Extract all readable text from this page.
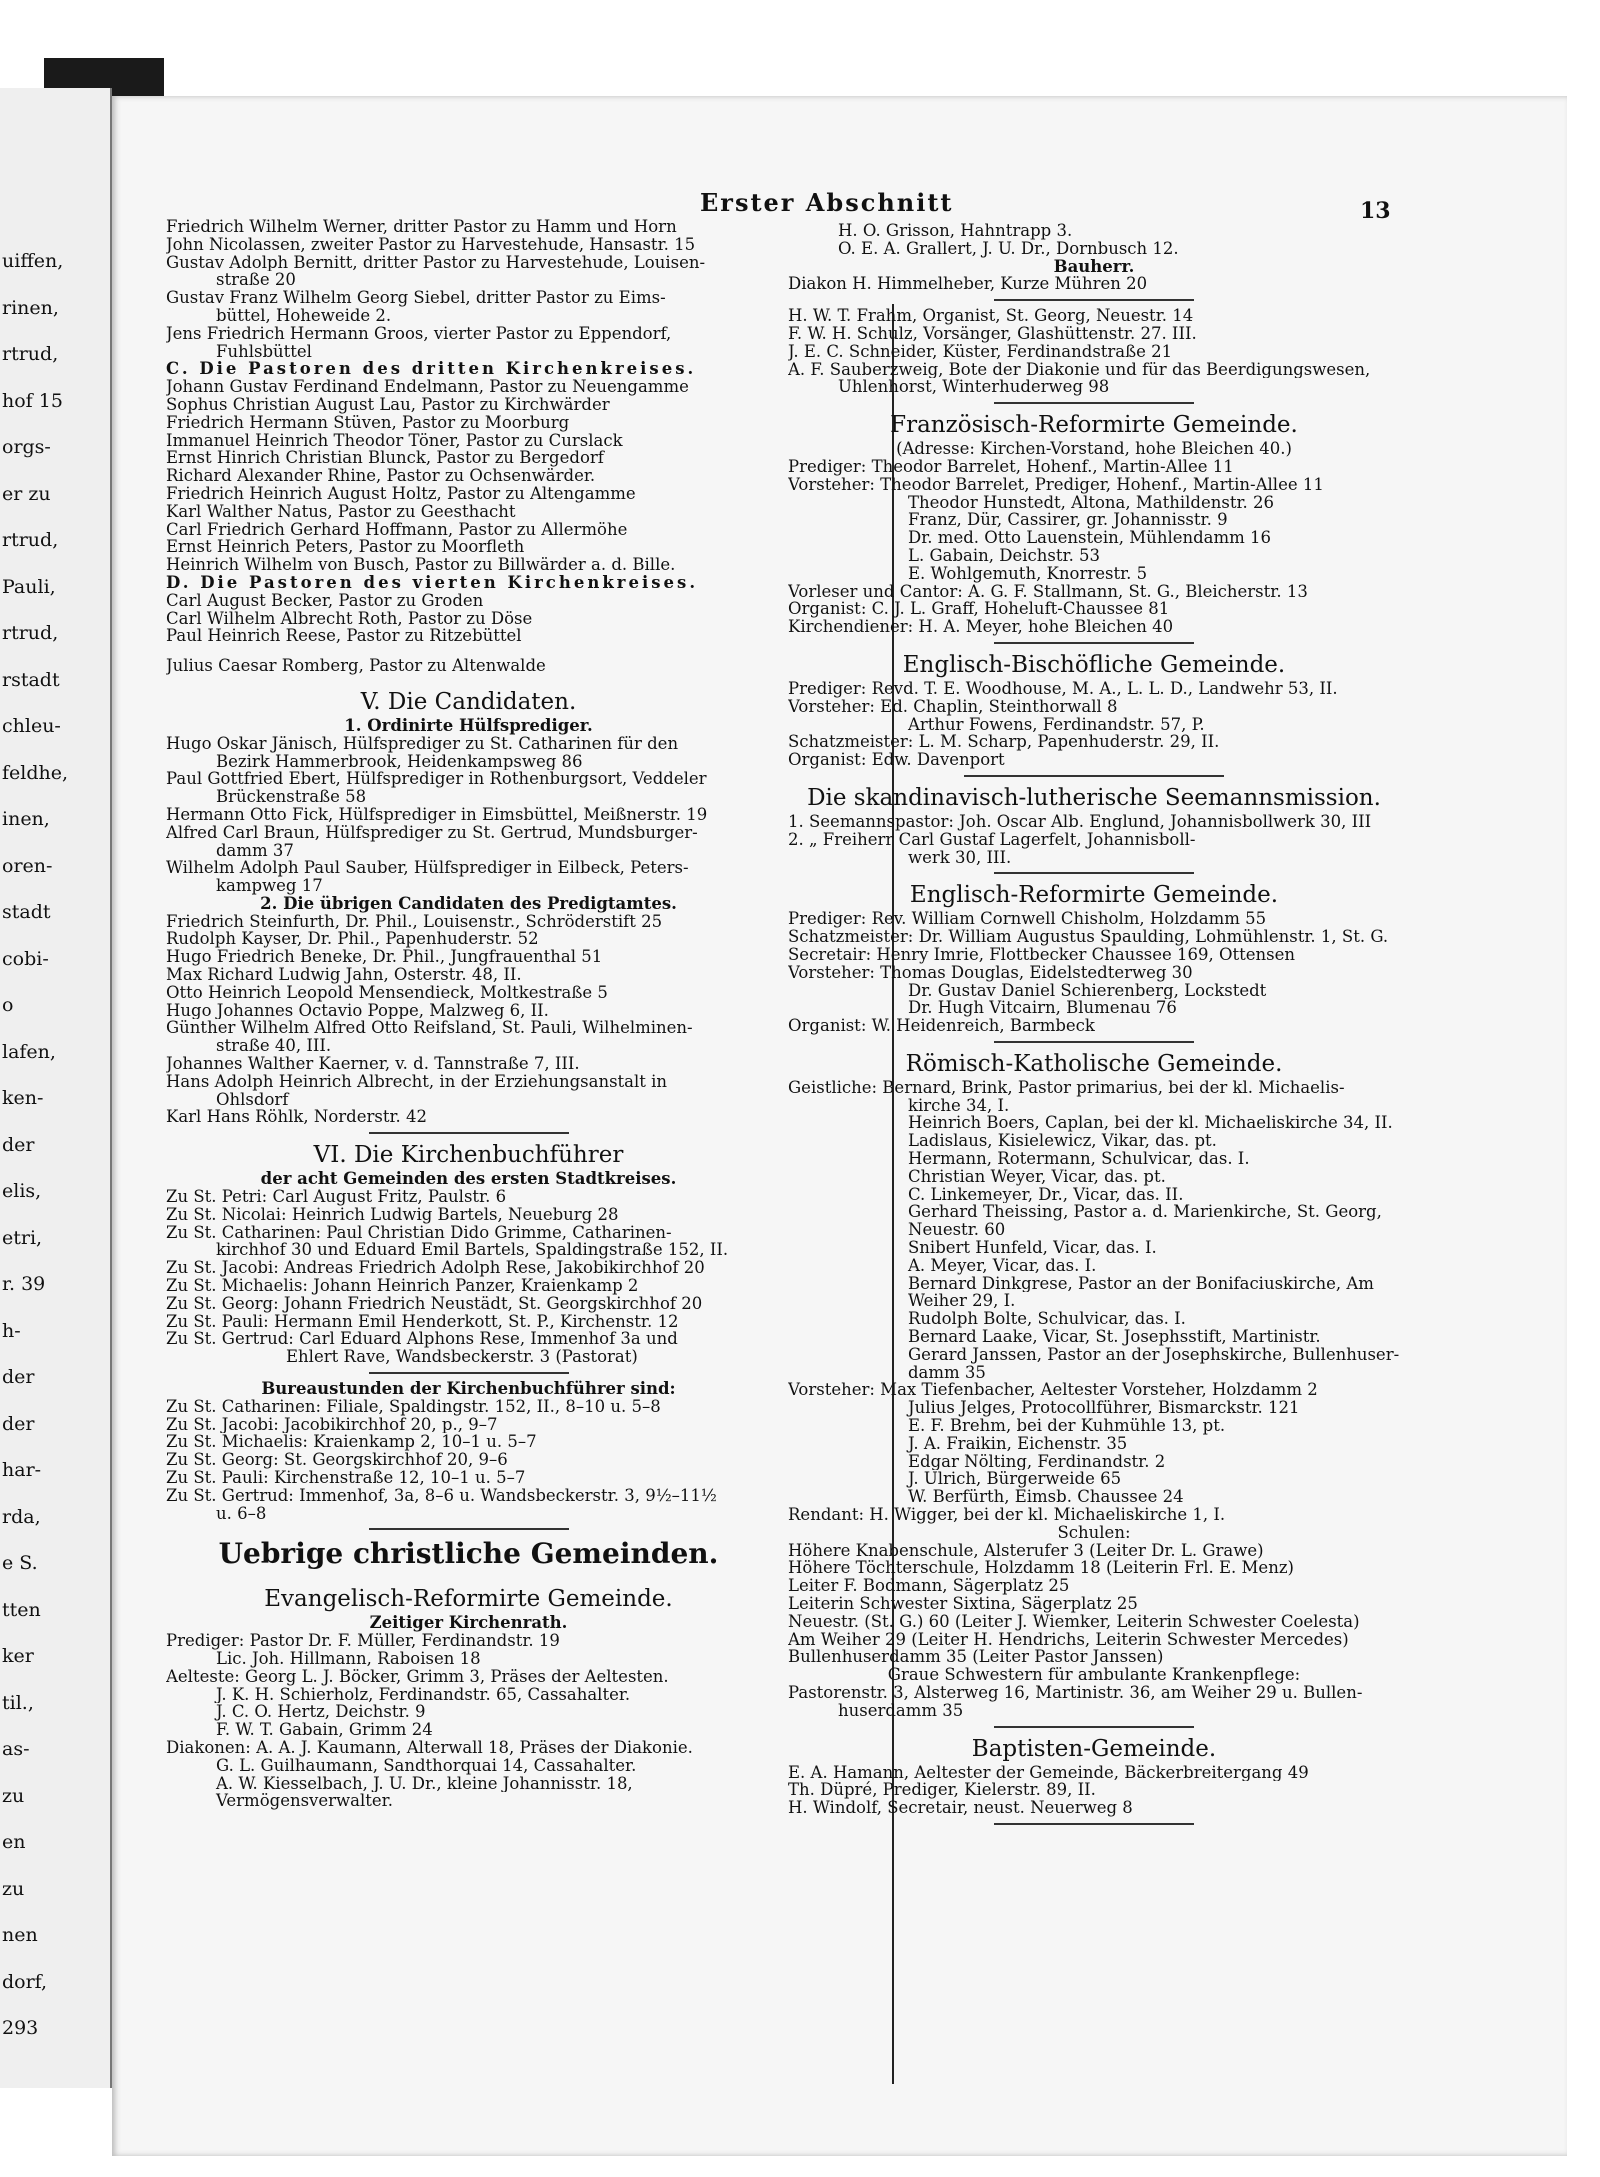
uiffen,
rinen,
rtrud,
hof 15
orgs-
er zu
rtrud,
Pauli,
rtrud,
rstadt
chleu-
feldhe,
inen,
oren-
stadt
cobi-
o
lafen,
ken-
der
elis,
etri,
r. 39
h-
der
der
har-
rda,
e S.
tten
ker
til.,
as-
zu
en
zu
nen
dorf,
293
Erster Abschnitt	13
Friedrich Wilhelm Werner, dritter Pastor zu Hamm und Horn
John Nicolassen, zweiter Pastor zu Harvestehude, Hansastr. 15
Gustav Adolph Bernitt, dritter Pastor zu Harvestehude, Louisen-
straße 20
Gustav Franz Wilhelm Georg Siebel, dritter Pastor zu Eims-
büttel, Hoheweide 2.
Jens Friedrich Hermann Groos, vierter Pastor zu Eppendorf,
Fuhlsbüttel
C. Die Pastoren des dritten Kirchenkreises.
Johann Gustav Ferdinand Endelmann, Pastor zu Neuengamme
Sophus Christian August Lau, Pastor zu Kirchwärder
Friedrich Hermann Stüven, Pastor zu Moorburg
Immanuel Heinrich Theodor Töner, Pastor zu Curslack
Ernst Hinrich Christian Blunck, Pastor zu Bergedorf
Richard Alexander Rhine, Pastor zu Ochsenwärder.
Friedrich Heinrich August Holtz, Pastor zu Altengamme
Karl Walther Natus, Pastor zu Geesthacht
Carl Friedrich Gerhard Hoffmann, Pastor zu Allermöhe
Ernst Heinrich Peters, Pastor zu Moorfleth
Heinrich Wilhelm von Busch, Pastor zu Billwärder a. d. Bille.
D. Die Pastoren des vierten Kirchenkreises.
Carl August Becker, Pastor zu Groden
Carl Wilhelm Albrecht Roth, Pastor zu Döse
Paul Heinrich Reese, Pastor zu Ritzebüttel
Julius Caesar Romberg, Pastor zu Altenwalde
V. Die Candidaten.
1. Ordinirte Hülfsprediger.
Hugo Oskar Jänisch, Hülfsprediger zu St. Catharinen für den
Bezirk Hammerbrook, Heidenkampsweg 86
Paul Gottfried Ebert, Hülfsprediger in Rothenburgsort, Veddeler
Brückenstraße 58
Hermann Otto Fick, Hülfsprediger in Eimsbüttel, Meißnerstr. 19
Alfred Carl Braun, Hülfsprediger zu St. Gertrud, Mundsburger-
damm 37
Wilhelm Adolph Paul Sauber, Hülfsprediger in Eilbeck, Peters-
kampweg 17
2. Die übrigen Candidaten des Predigtamtes.
Friedrich Steinfurth, Dr. Phil., Louisenstr., Schröderstift 25
Rudolph Kayser, Dr. Phil., Papenhuderstr. 52
Hugo Friedrich Beneke, Dr. Phil., Jungfrauenthal 51
Max Richard Ludwig Jahn, Osterstr. 48, II.
Otto Heinrich Leopold Mensendieck, Moltkestraße 5
Hugo Johannes Octavio Poppe, Malzweg 6, II.
Günther Wilhelm Alfred Otto Reifsland, St. Pauli, Wilhelminen-
straße 40, III.
Johannes Walther Kaerner, v. d. Tannstraße 7, III.
Hans Adolph Heinrich Albrecht, in der Erziehungsanstalt in
Ohlsdorf
Karl Hans Röhlk, Norderstr. 42
VI. Die Kirchenbuchführer
der acht Gemeinden des ersten Stadtkreises.
Zu St. Petri: Carl August Fritz, Paulstr. 6
Zu St. Nicolai: Heinrich Ludwig Bartels, Neueburg 28
Zu St. Catharinen: Paul Christian Dido Grimme, Catharinen-
kirchhof 30 und Eduard Emil Bartels, Spaldingstraße 152, II.
Zu St. Jacobi: Andreas Friedrich Adolph Rese, Jakobikirchhof 20
Zu St. Michaelis: Johann Heinrich Panzer, Kraienkamp 2
Zu St. Georg: Johann Friedrich Neustädt, St. Georgskirchhof 20
Zu St. Pauli: Hermann Emil Henderkott, St. P., Kirchenstr. 12
Zu St. Gertrud: Carl Eduard Alphons Rese, Immenhof 3a und
Ehlert Rave, Wandsbeckerstr. 3 (Pastorat)
Bureaustunden der Kirchenbuchführer sind:
Zu St. Catharinen: Filiale, Spaldingstr. 152, II., 8–10 u. 5–8
Zu St. Jacobi: Jacobikirchhof 20, p., 9–7
Zu St. Michaelis: Kraienkamp 2, 10–1 u. 5–7
Zu St. Georg: St. Georgskirchhof 20, 9–6
Zu St. Pauli: Kirchenstraße 12, 10–1 u. 5–7
Zu St. Gertrud: Immenhof, 3a, 8–6 u. Wandsbeckerstr. 3, 9½–11½
u. 6–8
Uebrige christliche Gemeinden.
Evangelisch-Reformirte Gemeinde.
Zeitiger Kirchenrath.
Prediger: Pastor Dr. F. Müller, Ferdinandstr. 19
Lic. Joh. Hillmann, Raboisen 18
Aelteste: Georg L. J. Böcker, Grimm 3, Präses der Aeltesten.
J. K. H. Schierholz, Ferdinandstr. 65, Cassahalter.
J. C. O. Hertz, Deichstr. 9
F. W. T. Gabain, Grimm 24
Diakonen: A. A. J. Kaumann, Alterwall 18, Präses der Diakonie.
G. L. Guilhaumann, Sandthorquai 14, Cassahalter.
A. W. Kiesselbach, J. U. Dr., kleine Johannisstr. 18,
Vermögensverwalter.
H. O. Grisson, Hahntrapp 3.
O. E. A. Grallert, J. U. Dr., Dornbusch 12.
Bauherr.
Diakon H. Himmelheber, Kurze Mühren 20
H. W. T. Frahm, Organist, St. Georg, Neuestr. 14
F. W. H. Schulz, Vorsänger, Glashüttenstr. 27. III.
J. E. C. Schneider, Küster, Ferdinandstraße 21
A. F. Sauberzweig, Bote der Diakonie und für das Beerdigungswesen,
Uhlenhorst, Winterhuderweg 98
Französisch-Reformirte Gemeinde.
(Adresse: Kirchen-Vorstand, hohe Bleichen 40.)
Prediger: Theodor Barrelet, Hohenf., Martin-Allee 11
Vorsteher: Theodor Barrelet, Prediger, Hohenf., Martin-Allee 11
Theodor Hunstedt, Altona, Mathildenstr. 26
Franz, Dür, Cassirer, gr. Johannisstr. 9
Dr. med. Otto Lauenstein, Mühlendamm 16
L. Gabain, Deichstr. 53
E. Wohlgemuth, Knorrestr. 5
Vorleser und Cantor: A. G. F. Stallmann, St. G., Bleicherstr. 13
Organist: C. J. L. Graff, Hoheluft-Chaussee 81
Kirchendiener: H. A. Meyer, hohe Bleichen 40
Englisch-Bischöfliche Gemeinde.
Prediger: Revd. T. E. Woodhouse, M. A., L. L. D., Landwehr 53, II.
Vorsteher: Ed. Chaplin, Steinthorwall 8
Arthur Fowens, Ferdinandstr. 57, P.
Schatzmeister: L. M. Scharp, Papenhuderstr. 29, II.
Organist: Edw. Davenport
Die skandinavisch-lutherische Seemannsmission.
1. Seemannspastor: Joh. Oscar Alb. Englund, Johannisbollwerk 30, III
2. „ Freiherr Carl Gustaf Lagerfelt, Johannisboll-
werk 30, III.
Englisch-Reformirte Gemeinde.
Prediger: Rev. William Cornwell Chisholm, Holzdamm 55
Schatzmeister: Dr. William Augustus Spaulding, Lohmühlenstr. 1, St. G.
Secretair: Henry Imrie, Flottbecker Chaussee 169, Ottensen
Vorsteher: Thomas Douglas, Eidelstedterweg 30
Dr. Gustav Daniel Schierenberg, Lockstedt
Dr. Hugh Vitcairn, Blumenau 76
Organist: W. Heidenreich, Barmbeck
Römisch-Katholische Gemeinde.
Geistliche: Bernard, Brink, Pastor primarius, bei der kl. Michaelis-
kirche 34, I.
Heinrich Boers, Caplan, bei der kl. Michaeliskirche 34, II.
Ladislaus, Kisielewicz, Vikar, das. pt.
Hermann, Rotermann, Schulvicar, das. I.
Christian Weyer, Vicar, das. pt.
C. Linkemeyer, Dr., Vicar, das. II.
Gerhard Theissing, Pastor a. d. Marienkirche, St. Georg,
Neuestr. 60
Snibert Hunfeld, Vicar, das. I.
A. Meyer, Vicar, das. I.
Bernard Dinkgrese, Pastor an der Bonifaciuskirche, Am
Weiher 29, I.
Rudolph Bolte, Schulvicar, das. I.
Bernard Laake, Vicar, St. Josephsstift, Martinistr.
Gerard Janssen, Pastor an der Josephskirche, Bullenhuser-
damm 35
Vorsteher: Max Tiefenbacher, Aeltester Vorsteher, Holzdamm 2
Julius Jelges, Protocollführer, Bismarckstr. 121
E. F. Brehm, bei der Kuhmühle 13, pt.
J. A. Fraikin, Eichenstr. 35
Edgar Nölting, Ferdinandstr. 2
J. Ulrich, Bürgerweide 65
W. Berfürth, Eimsb. Chaussee 24
Rendant: H. Wigger, bei der kl. Michaeliskirche 1, I.
Schulen:
Höhere Knabenschule, Alsterufer 3 (Leiter Dr. L. Grawe)
Höhere Töchterschule, Holzdamm 18 (Leiterin Frl. E. Menz)
Leiter F. Bodmann, Sägerplatz 25
Leiterin Schwester Sixtina, Sägerplatz 25
Neuestr. (St. G.) 60 (Leiter J. Wiemker, Leiterin Schwester Coelesta)
Am Weiher 29 (Leiter H. Hendrichs, Leiterin Schwester Mercedes)
Bullenhuserdamm 35 (Leiter Pastor Janssen)
Graue Schwestern für ambulante Krankenpflege:
Pastorenstr. 3, Alsterweg 16, Martinistr. 36, am Weiher 29 u. Bullen-
huserdamm 35
Baptisten-Gemeinde.
E. A. Hamann, Aeltester der Gemeinde, Bäckerbreitergang 49
Th. Düpré, Prediger, Kielerstr. 89, II.
H. Windolf, Secretair, neust. Neuerweg 8
